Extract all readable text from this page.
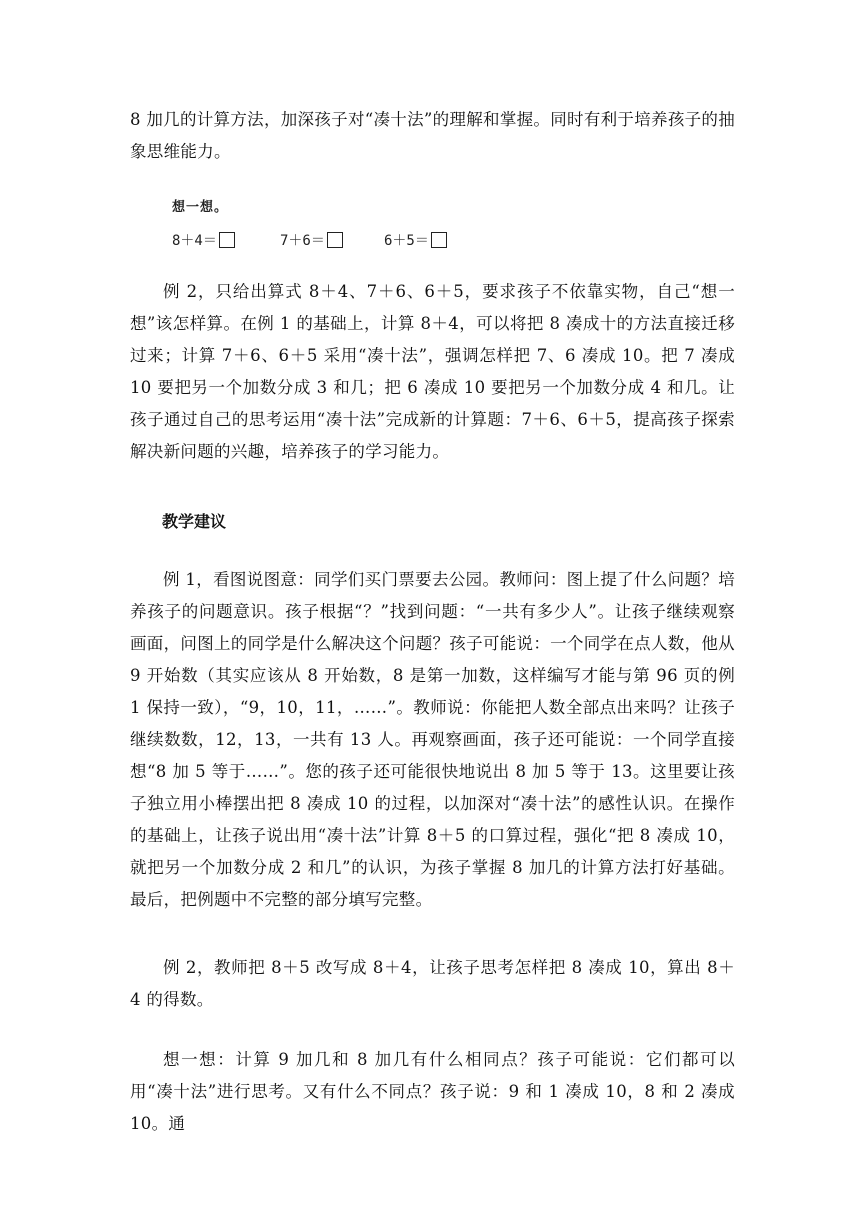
8 加几的计算方法，加深孩子对“凑十法”的理解和掌握。同时有利于培养孩子的抽象思维能力。

想一想。
8＋4＝	7＋6＝	6＋5＝

例 2，只给出算式 8＋4、7＋6、6＋5，要求孩子不依靠实物，自己“想一想”该怎样算。在例 1 的基础上，计算 8＋4，可以将把 8 凑成十的方法直接迁移过来；计算 7＋6、6＋5 采用“凑十法”，强调怎样把 7、6 凑成 10。把 7 凑成 10 要把另一个加数分成 3 和几；把 6 凑成 10 要把另一个加数分成 4 和几。让孩子通过自己的思考运用“凑十法”完成新的计算题：7＋6、6＋5，提高孩子探索解决新问题的兴趣，培养孩子的学习能力。

教学建议

例 1，看图说图意：同学们买门票要去公园。教师问：图上提了什么问题？培养孩子的问题意识。孩子根据“？”找到问题：“一共有多少人”。让孩子继续观察画面，问图上的同学是什么解决这个问题？孩子可能说：一个同学在点人数，他从 9 开始数（其实应该从 8 开始数，8 是第一加数，这样编写才能与第 96 页的例 1 保持一致），“9，10，11，……”。教师说：你能把人数全部点出来吗？让孩子继续数数，12，13，一共有 13 人。再观察画面，孩子还可能说：一个同学直接想“8 加 5 等于……”。您的孩子还可能很快地说出 8 加 5 等于 13。这里要让孩子独立用小棒摆出把 8 凑成 10 的过程，以加深对“凑十法”的感性认识。在操作的基础上，让孩子说出用“凑十法”计算 8＋5 的口算过程，强化“把 8 凑成 10，就把另一个加数分成 2 和几”的认识，为孩子掌握 8 加几的计算方法打好基础。最后，把例题中不完整的部分填写完整。

例 2，教师把 8＋5 改写成 8＋4，让孩子思考怎样把 8 凑成 10，算出 8＋4 的得数。

想一想：计算 9 加几和 8 加几有什么相同点？孩子可能说：它们都可以用“凑十法”进行思考。又有什么不同点？孩子说：9 和 1 凑成 10，8 和 2 凑成 10。通
